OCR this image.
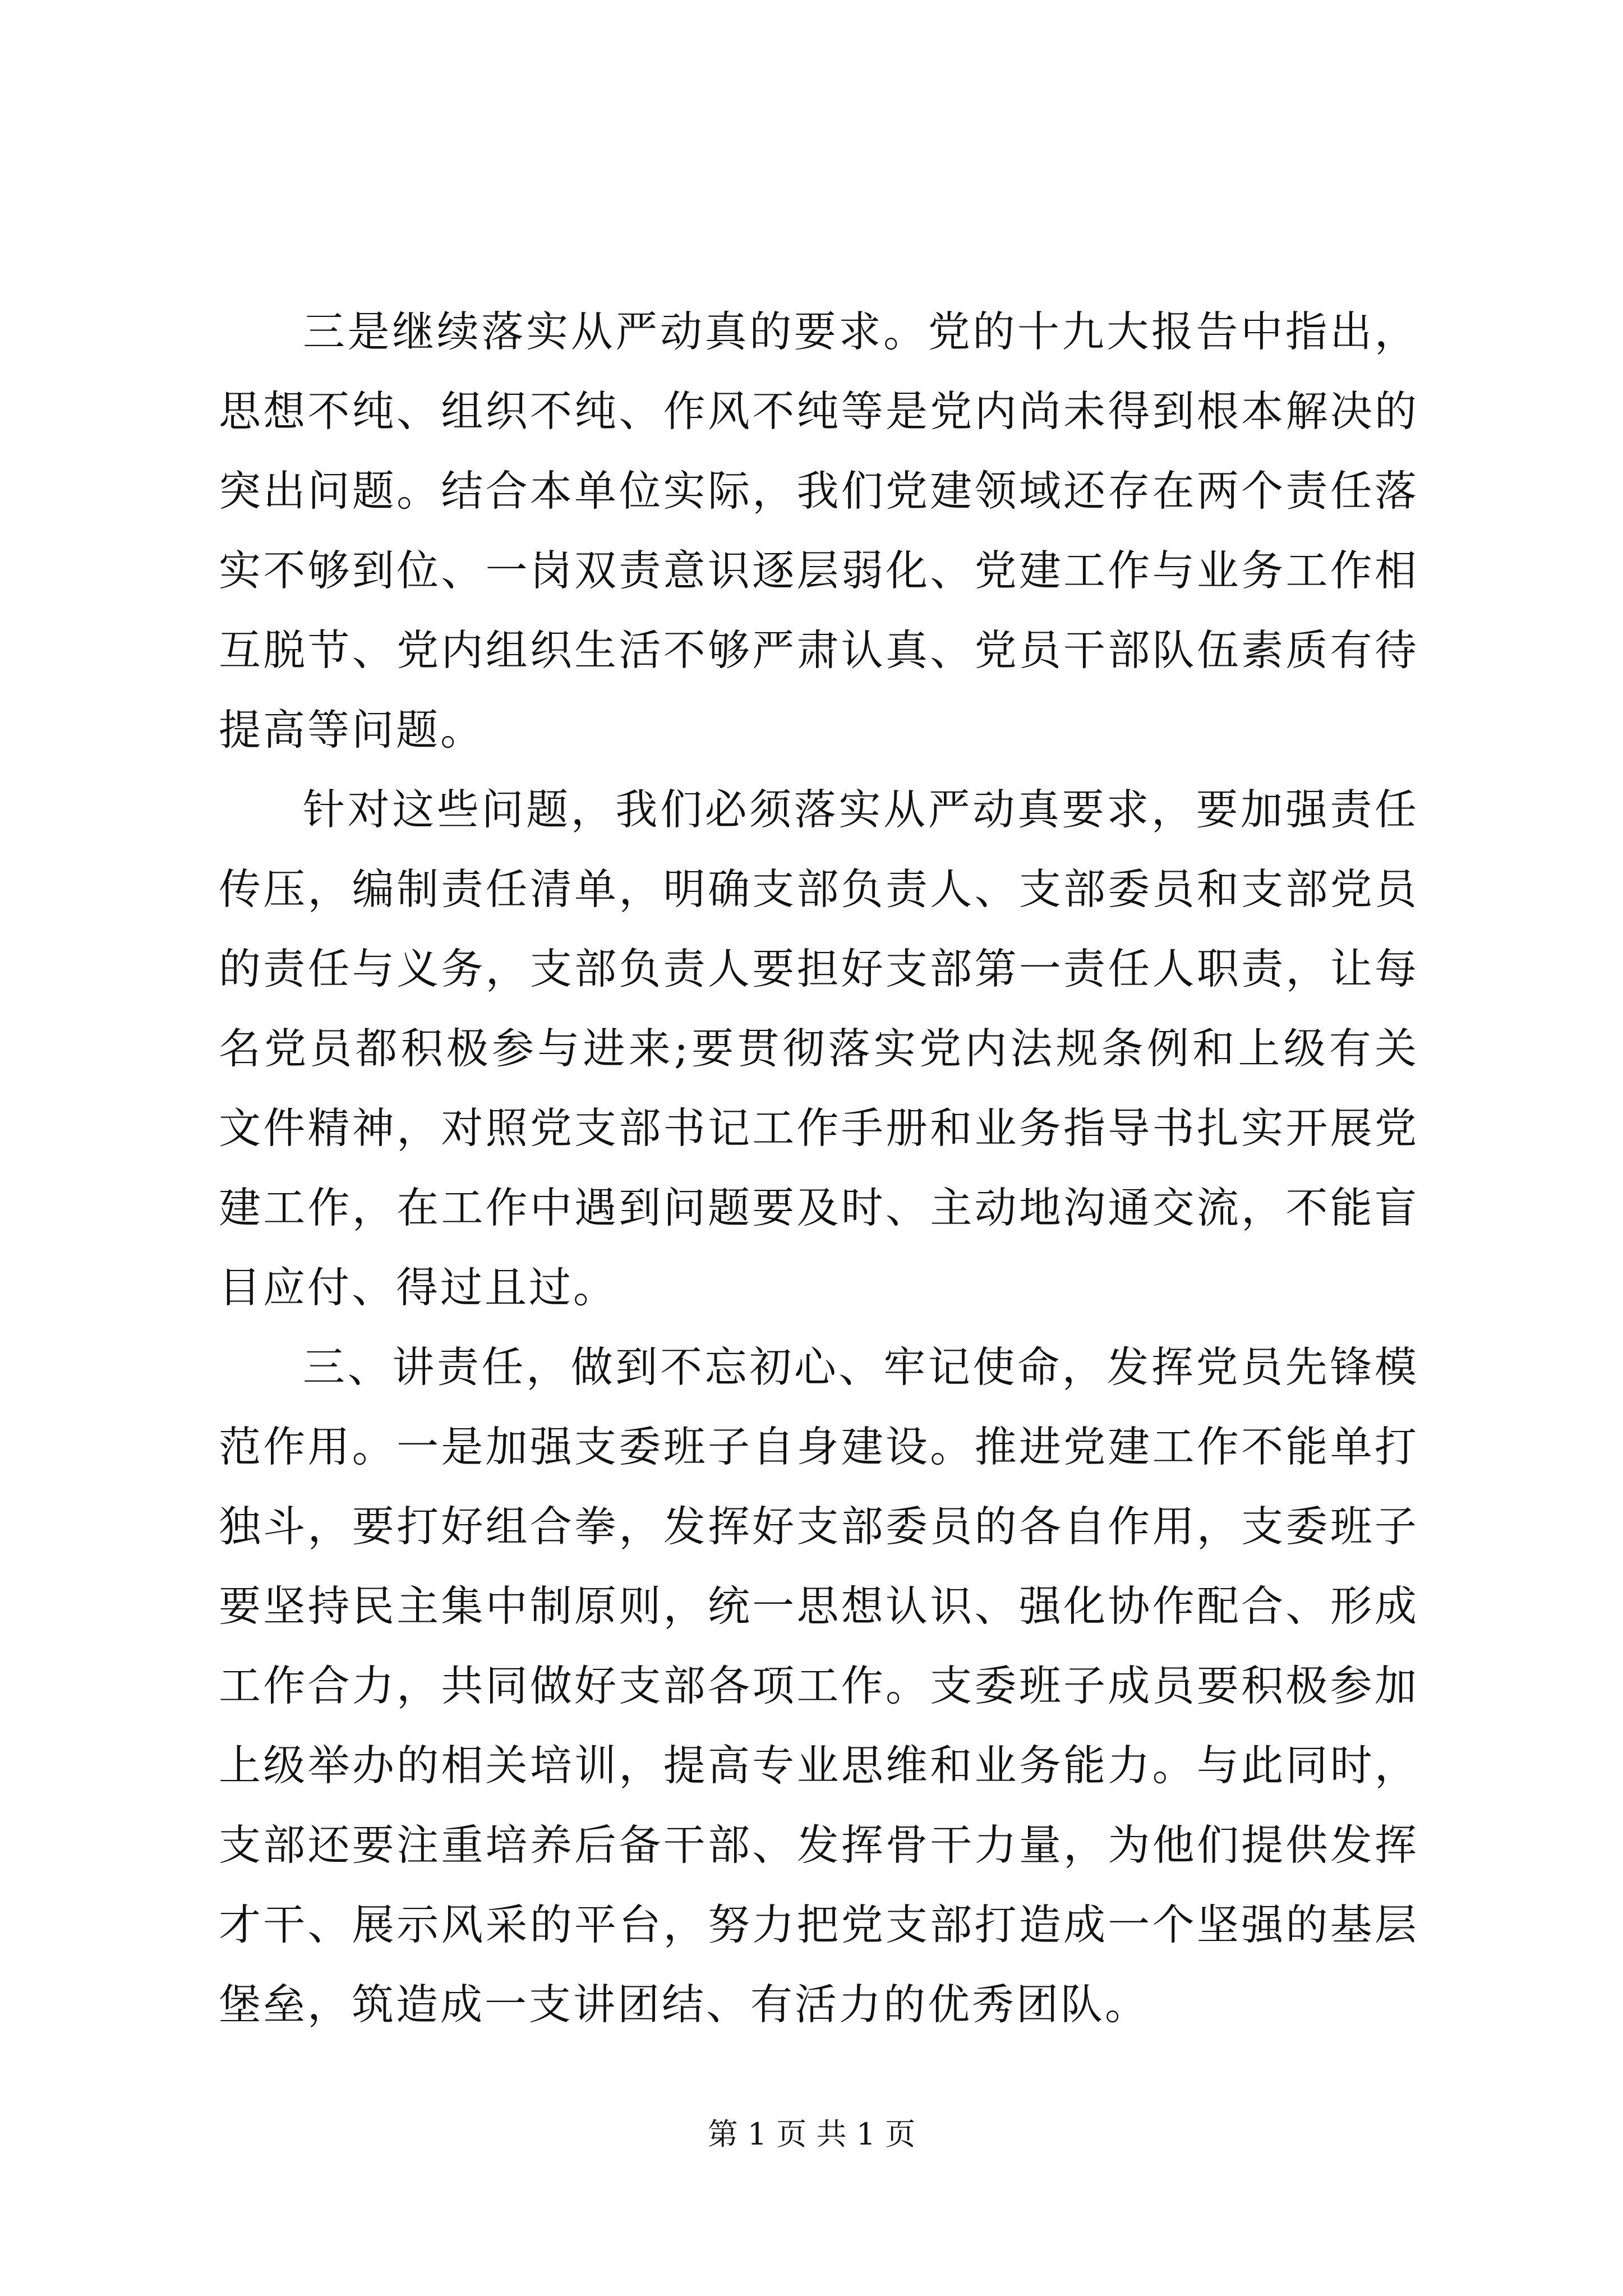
三是继续落实从严动真的要求。党的十九大报告中指出，思想不纯、组织不纯、作风不纯等是党内尚未得到根本解决的突出问题。结合本单位实际，我们党建领域还存在两个责任落实不够到位、一岗双责意识逐层弱化、党建工作与业务工作相互脱节、党内组织生活不够严肃认真、党员干部队伍素质有待提高等问题。

针对这些问题，我们必须落实从严动真要求，要加强责任传压，编制责任清单，明确支部负责人、支部委员和支部党员的责任与义务，支部负责人要担好支部第一责任人职责，让每名党员都积极参与进来;要贯彻落实党内法规条例和上级有关文件精神，对照党支部书记工作手册和业务指导书扎实开展党建工作，在工作中遇到问题要及时、主动地沟通交流，不能盲目应付、得过且过。

三、讲责任，做到不忘初心、牢记使命，发挥党员先锋模范作用。一是加强支委班子自身建设。推进党建工作不能单打独斗，要打好组合拳，发挥好支部委员的各自作用，支委班子要坚持民主集中制原则，统一思想认识、强化协作配合、形成工作合力，共同做好支部各项工作。支委班子成员要积极参加上级举办的相关培训，提高专业思维和业务能力。与此同时，支部还要注重培养后备干部、发挥骨干力量，为他们提供发挥才干、展示风采的平台，努力把党支部打造成一个坚强的基层堡垒，筑造成一支讲团结、有活力的优秀团队。

第 1 页 共 1 页
